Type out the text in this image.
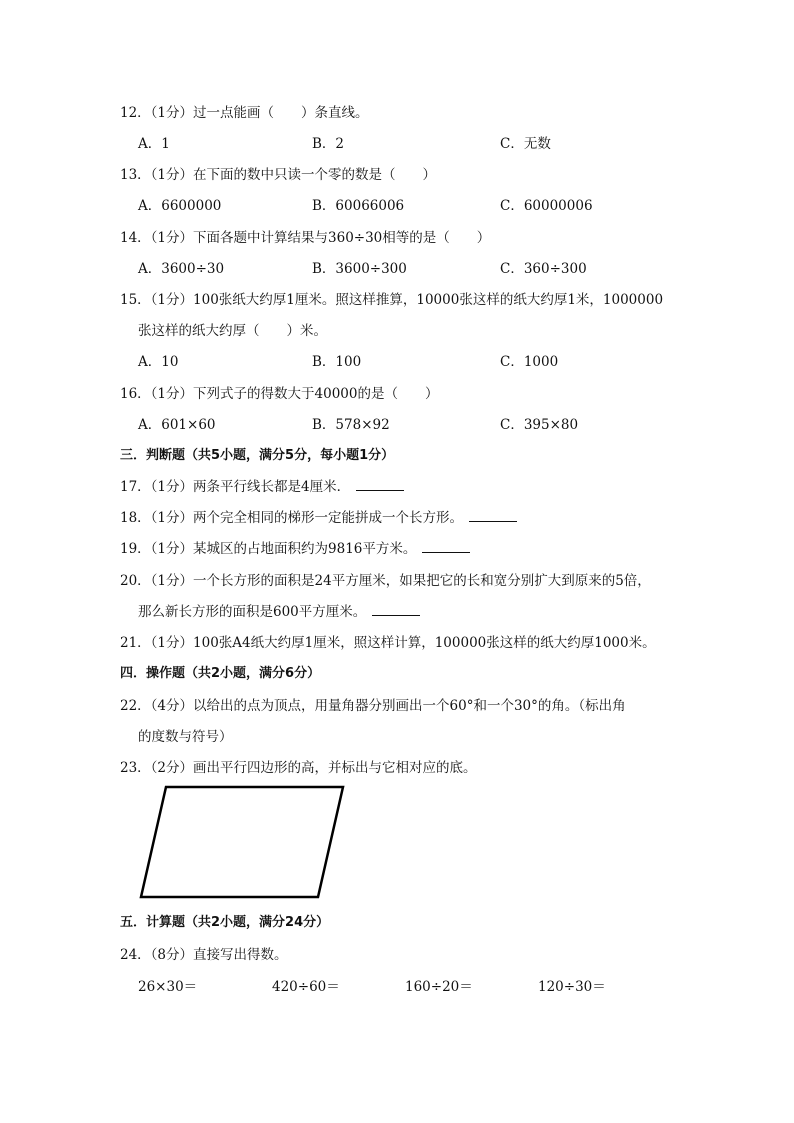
12．（1分）过一点能画（　　）条直线。
A．1	B．2	C．无数
13．（1分）在下面的数中只读一个零的数是（　　）
A．6600000	B．60066006	C．60000006
14．（1分）下面各题中计算结果与360÷30相等的是（　　）
A．3600÷30	B．3600÷300	C．360÷300
15．（1分）100张纸大约厚1厘米。照这样推算，10000张这样的纸大约厚1米，1000000
张这样的纸大约厚（　　）米。
A．10	B．100	C．1000
16．（1分）下列式子的得数大于40000的是（　　）
A．601×60	B．578×92	C．395×80
三．判断题（共5小题，满分5分，每小题1分）
17．（1分）两条平行线长都是4厘米．
18．（1分）两个完全相同的梯形一定能拼成一个长方形。
19．（1分）某城区的占地面积约为9816平方米。
20．（1分）一个长方形的面积是24平方厘米，如果把它的长和宽分别扩大到原来的5倍，
那么新长方形的面积是600平方厘米。
21．（1分）100张A4纸大约厚1厘米，照这样计算，100000张这样的纸大约厚1000米。
四．操作题（共2小题，满分6分）
22．（4分）以给出的点为顶点，用量角器分别画出一个60°和一个30°的角。（标出角
的度数与符号）
23．（2分）画出平行四边形的高，并标出与它相对应的底。
五．计算题（共2小题，满分24分）
24．（8分）直接写出得数。
26×30＝	420÷60＝	160÷20＝	120÷30＝
